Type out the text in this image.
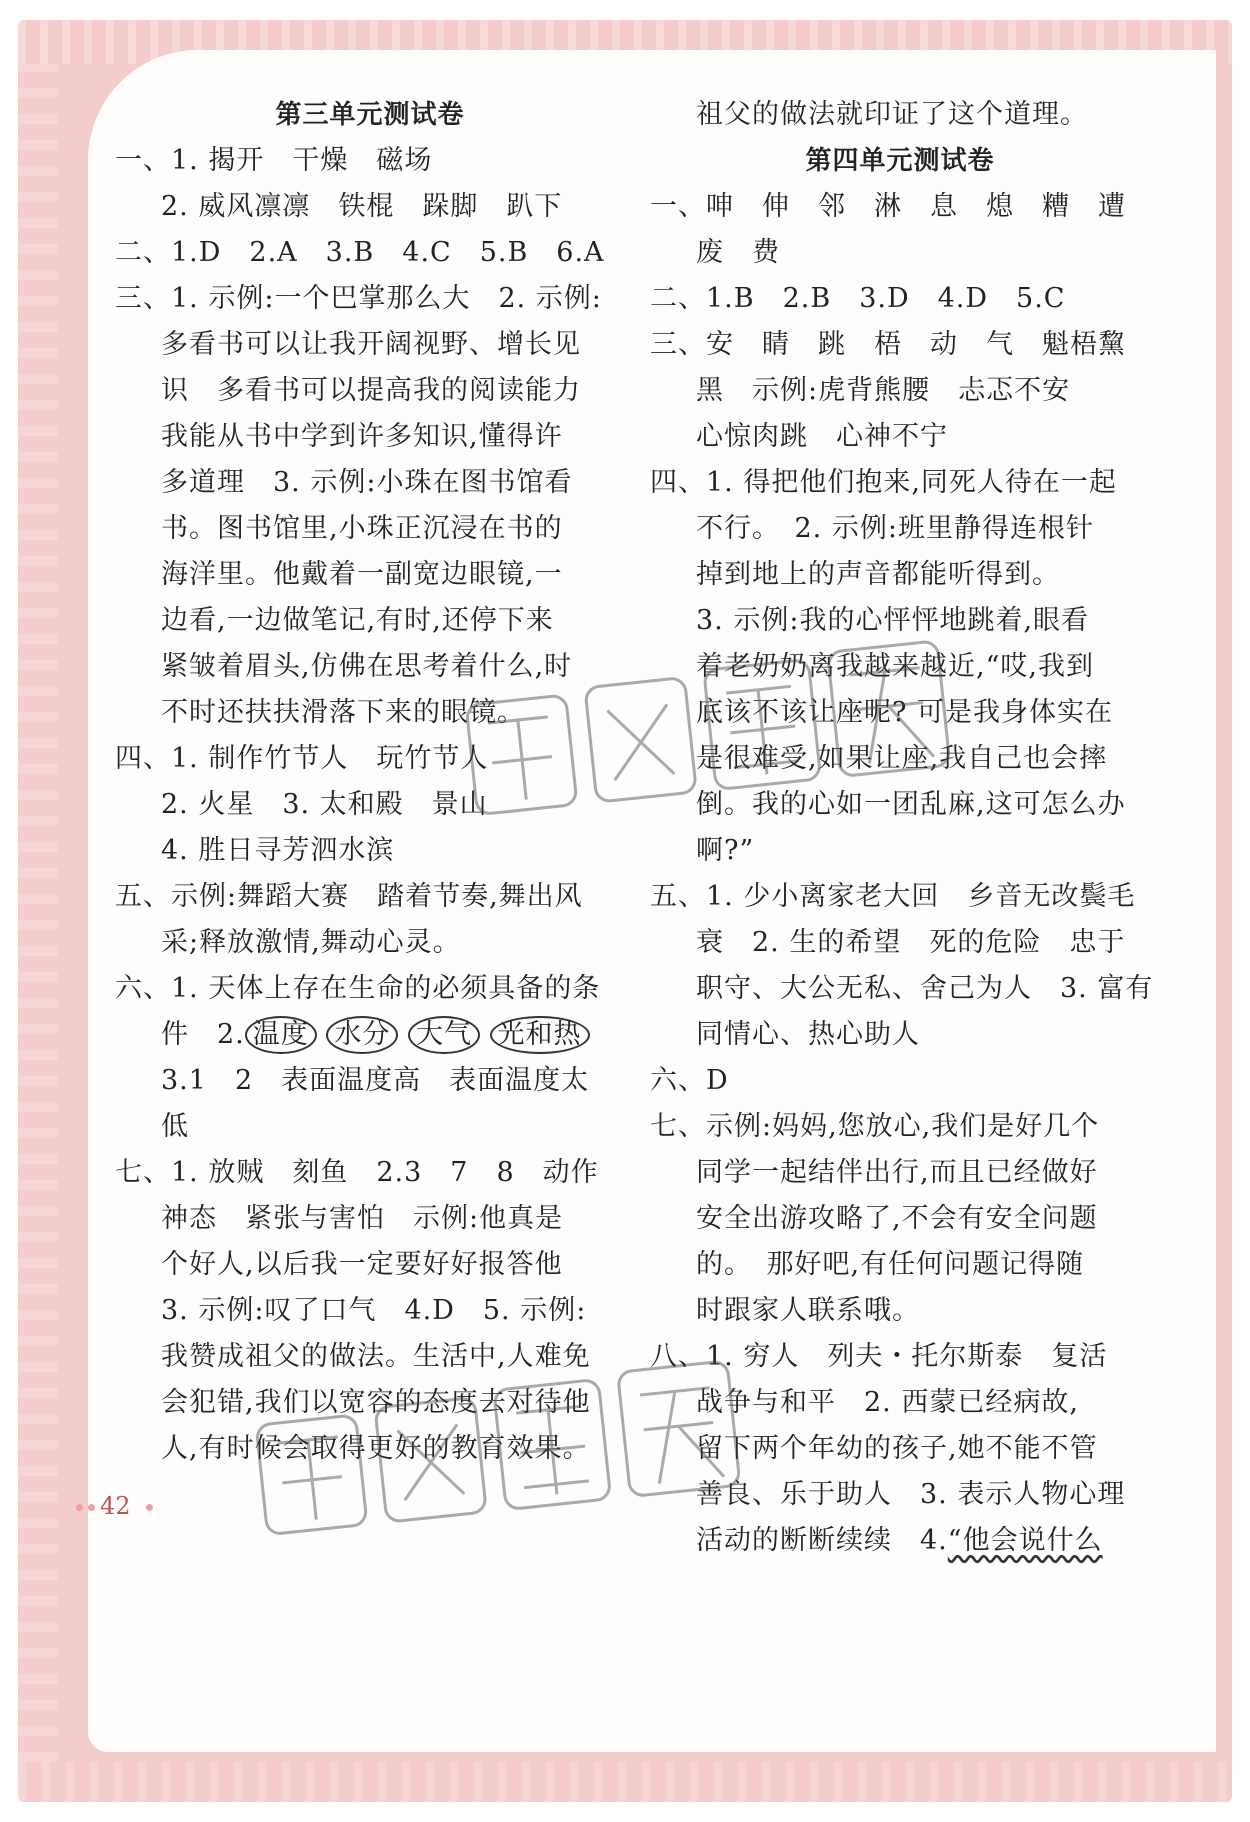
第三单元测试卷
一、1. 揭开　干燥　磁场
2. 威风凛凛　铁棍　跺脚　趴下
二、1.D　2.A　3.B　4.C　5.B　6.A
三、1. 示例:一个巴掌那么大　2. 示例:
多看书可以让我开阔视野、增长见
识　多看书可以提高我的阅读能力
我能从书中学到许多知识,懂得许
多道理　3. 示例:小珠在图书馆看
书。图书馆里,小珠正沉浸在书的
海洋里。他戴着一副宽边眼镜,一
边看,一边做笔记,有时,还停下来
紧皱着眉头,仿佛在思考着什么,时
不时还扶扶滑落下来的眼镜。
四、1. 制作竹节人　玩竹节人
2. 火星　3. 太和殿　景山
4. 胜日寻芳泗水滨
五、示例:舞蹈大赛　踏着节奏,舞出风
采;释放激情,舞动心灵。
六、1. 天体上存在生命的必须具备的条
件　2. 温度 水分 大气 光和热
3.1　2　表面温度高　表面温度太
低
七、1. 放贼　刻鱼　2.3　7　8　动作
神态　紧张与害怕　示例:他真是
个好人,以后我一定要好好报答他
3. 示例:叹了口气　4.D　5. 示例:
我赞成祖父的做法。生活中,人难免
会犯错,我们以宽容的态度去对待他
人,有时候会取得更好的教育效果。
祖父的做法就印证了这个道理。
第四单元测试卷
一、呻　伸　邻　淋　息　熄　糟　遭
废　费
二、1.B　2.B　3.D　4.D　5.C
三、安　睛　跳　梧　动　气　魁梧黧
黑　示例:虎背熊腰　忐忑不安
心惊肉跳　心神不宁
四、1. 得把他们抱来,同死人待在一起
不行。　2. 示例:班里静得连根针
掉到地上的声音都能听得到。
3. 示例:我的心怦怦地跳着,眼看
着老奶奶离我越来越近,“哎,我到
底该不该让座呢? 可是我身体实在
是很难受,如果让座,我自己也会摔
倒。我的心如一团乱麻,这可怎么办
啊?”
五、1. 少小离家老大回　乡音无改鬓毛
衰　2. 生的希望　死的危险　忠于
职守、大公无私、舍己为人　3. 富有
同情心、热心助人
六、D
七、示例:妈妈,您放心,我们是好几个
同学一起结伴出行,而且已经做好
安全出游攻略了,不会有安全问题
的。　那好吧,有任何问题记得随
时跟家人联系哦。
八、1. 穷人　列夫・托尔斯泰　复活
战争与和平　2. 西蒙已经病故,
留下两个年幼的孩子,她不能不管
善良、乐于助人　3. 表示人物心理
活动的断断续续　4.“他会说什么
42
